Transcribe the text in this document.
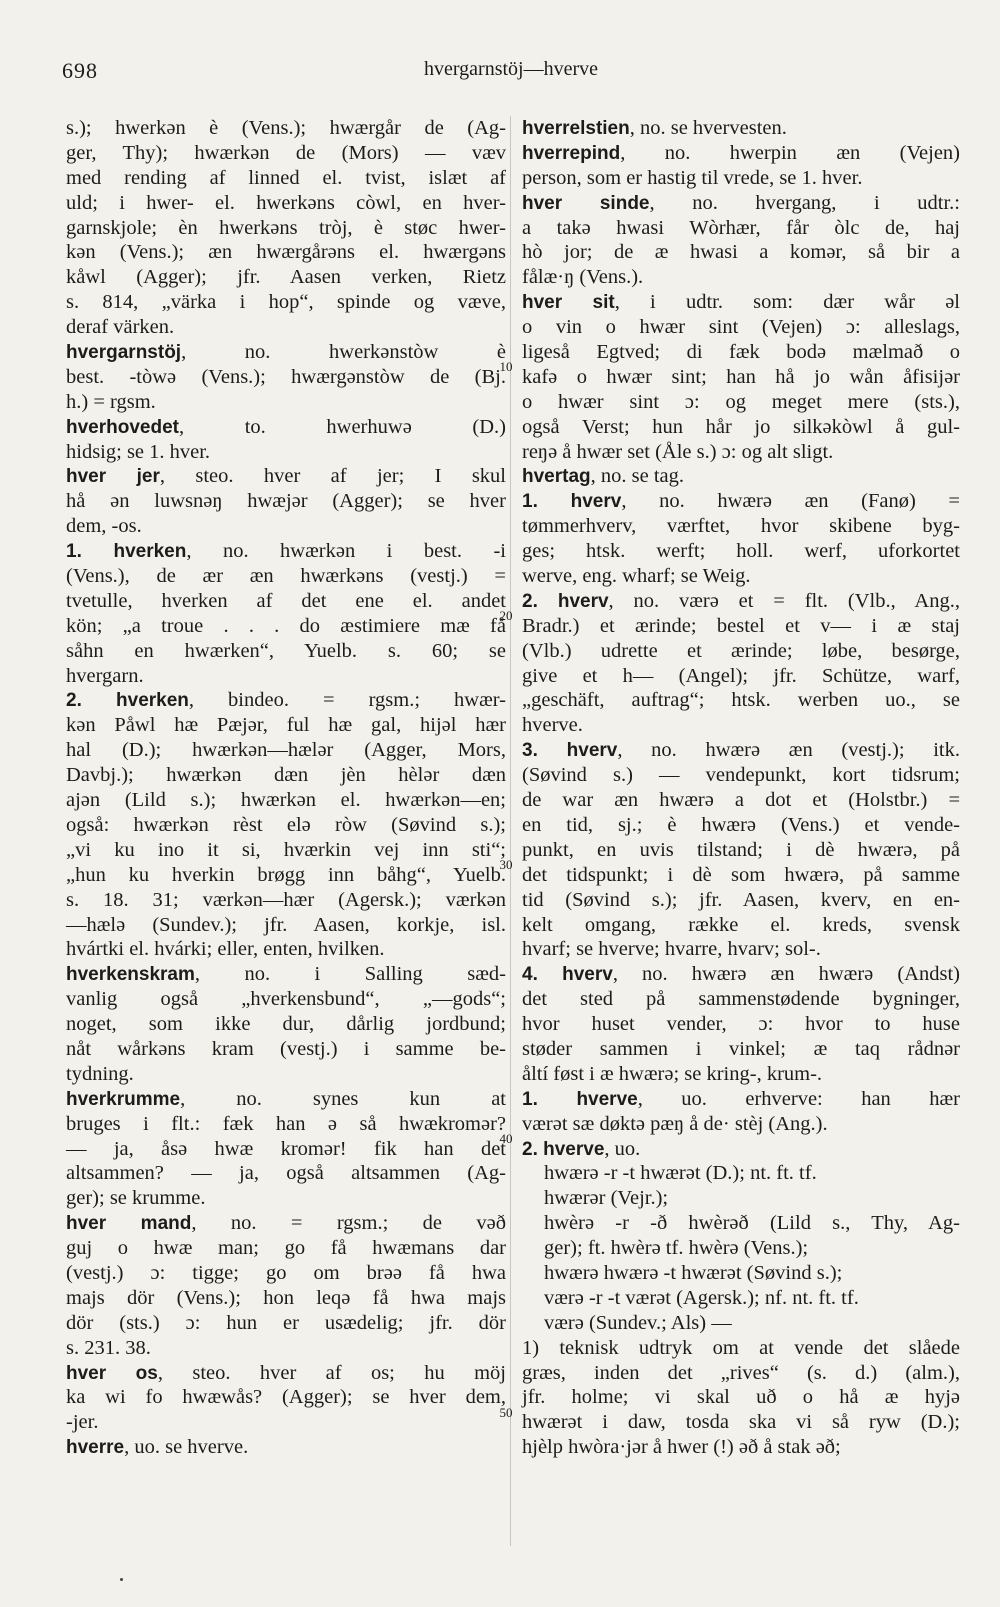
698	hvergarnstöj—hverve
10
20
30
40
50
s.); hwerkən è (Vens.); hwærgår de (Ag-
ger, Thy); hwærkən de (Mors) — væv
med rending af linned el. tvist, islæt af
uld; i hwer- el. hwerkəns còwl, en hver-
garnskjole; èn hwerkəns tròj, è støc hwer-
kən (Vens.); æn hwærgårəns el. hwærgəns
kåwl (Agger); jfr. Aasen verken, Rietz
s. 814, „värka i hop“, spinde og væve,
deraf värken.
hvergarnstöj, no. hwerkənstòw è
best. -tòwə (Vens.); hwærgənstòw de (Bj.
h.) = rgsm.
hverhovedet, to. hwerhuwə (D.)
hidsig; se 1. hver.
hver jer, steo. hver af jer; I skul
hå ən luwsnəŋ hwæjər (Agger); se hver
dem, -os.
1. hverken, no. hwærkən i best. -i
(Vens.), de ær æn hwærkəns (vestj.) =
tvetulle, hverken af det ene el. andet
kön; „a troue . . . do æstimiere mæ få
såhn en hwærken“, Yuelb. s. 60; se
hvergarn.
2. hverken, bindeo. = rgsm.; hwær-
kən Påwl hæ Pæjər, ful hæ gal, hijəl hær
hal (D.); hwærkən—hælər (Agger, Mors,
Davbj.); hwærkən dæn jèn hèlər dæn
ajən (Lild s.); hwærkən el. hwærkən—en;
også: hwærkən rèst elə ròw (Søvind s.);
„vi ku ino it si, hværkin vej inn sti“;
„hun ku hverkin brøgg inn båhg“, Yuelb.
s. 18. 31; værkən—hær (Agersk.); værkən
—hælə (Sundev.); jfr. Aasen, korkje, isl.
hvártki el. hvárki; eller, enten, hvilken.
hverkenskram, no. i Salling sæd-
vanlig også „hverkensbund“, „—gods“;
noget, som ikke dur, dårlig jordbund;
nåt wårkəns kram (vestj.) i samme be-
tydning.
hverkrumme, no. synes kun at
bruges i flt.: fæk han ə så hwækromər?
— ja, åsə hwæ kromər! fik han det
altsammen? — ja, også altsammen (Ag-
ger); se krumme.
hver mand, no. = rgsm.; de vəð
guj o hwæ man; go få hwæmans dar
(vestj.) ɔ: tigge; go om brəə få hwa
majs dör (Vens.); hon leqə få hwa majs
dör (sts.) ɔ: hun er usædelig; jfr. dör
s. 231. 38.
hver os, steo. hver af os; hu möj
ka wi fo hwæwås? (Agger); se hver dem,
-jer.
hverre, uo. se hverve.
hverrelstien, no. se hvervesten.
hverrepind, no. hwerpin æn (Vejen)
person, som er hastig til vrede, se 1. hver.
hver sinde, no. hvergang, i udtr.:
a takə hwasi Wòrhær, får òlc de, haj
hò jor; de æ hwasi a komər, så bir a
fålæ·ŋ (Vens.).
hver sit, i udtr. som: dær wår əl
o vin o hwær sint (Vejen) ɔ: alleslags,
ligeså Egtved; di fæk bodə mælmað o
kafə o hwær sint; han hå jo wån åfisijər
o hwær sint ɔ: og meget mere (sts.),
også Verst; hun hår jo silkəkòwl å gul-
reŋə å hwær set (Åle s.) ɔ: og alt sligt.
hvertag, no. se tag.
1. hverv, no. hwærə æn (Fanø) =
tømmerhverv, værftet, hvor skibene byg-
ges; htsk. werft; holl. werf, uforkortet
werve, eng. wharf; se Weig.
2. hverv, no. værə et = flt. (Vlb., Ang.,
Bradr.) et ærinde; bestel et v— i æ staj
(Vlb.) udrette et ærinde; løbe, besørge,
give et h— (Angel); jfr. Schütze, warf,
„geschäft, auftrag“; htsk. werben uo., se
hverve.
3. hverv, no. hwærə æn (vestj.); itk.
(Søvind s.) — vendepunkt, kort tidsrum;
de war æn hwærə a dot et (Holstbr.) =
en tid, sj.; è hwærə (Vens.) et vende-
punkt, en uvis tilstand; i dè hwærə, på
det tidspunkt; i dè som hwærə, på samme
tid (Søvind s.); jfr. Aasen, kverv, en en-
kelt omgang, række el. kreds, svensk
hvarf; se hverve; hvarre, hvarv; sol-.
4. hverv, no. hwærə æn hwærə (Andst)
det sted på sammenstødende bygninger,
hvor huset vender, ɔ: hvor to huse
støder sammen i vinkel; æ taq rådnər
åltí føst i æ hwærə; se kring-, krum-.
1. hverve, uo. erhverve: han hær
værət sæ døktə pæŋ å de· stèj (Ang.).
2. hverve, uo.
hwærə -r -t hwærət (D.); nt. ft. tf.
hwærər (Vejr.);
hwèrə -r -ð hwèrəð (Lild s., Thy, Ag-
ger); ft. hwèrə tf. hwèrə (Vens.);
hwærə hwærə -t hwærət (Søvind s.);
værə -r -t værət (Agersk.); nf. nt. ft. tf.
værə (Sundev.; Als) —
1) teknisk udtryk om at vende det slåede
græs, inden det „rives“ (s. d.) (alm.),
jfr. holme; vi skal uð o hå æ hyjə
hwærət i daw, tosda ska vi så ryw (D.);
hjèlp hwòra·jər å hwer (!) əð å stak əð;
